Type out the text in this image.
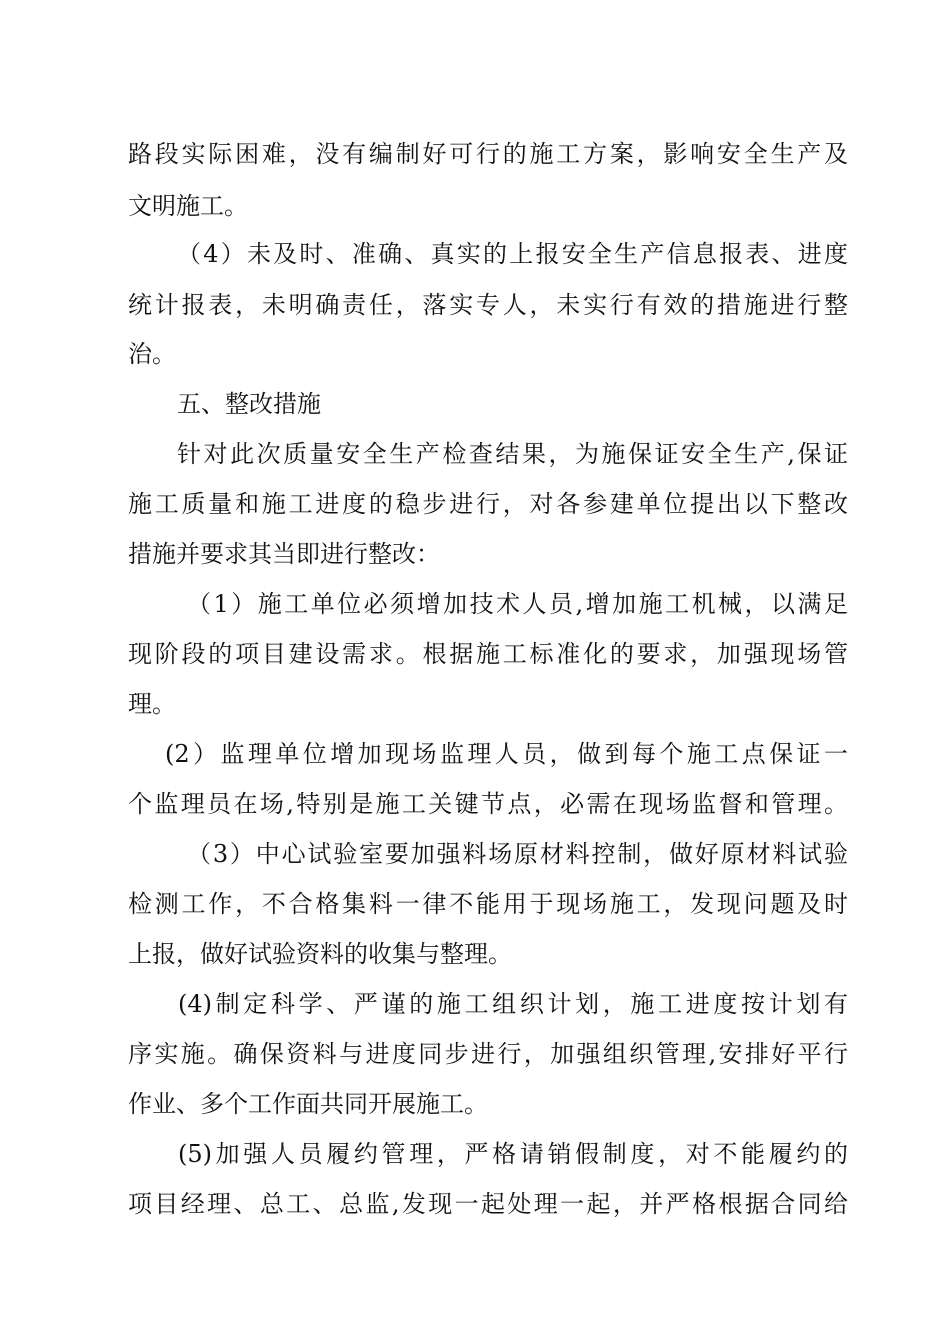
路段实际困难，没有编制好可行的施工方案，影响安全生产及
文明施工。
（4）未及时、准确、真实的上报安全生产信息报表、进度
统计报表，未明确责任，落实专人，未实行有效的措施进行整
治。
五、整改措施
针对此次质量安全生产检查结果，为施保证安全生产,保证
施工质量和施工进度的稳步进行，对各参建单位提出以下整改
措施并要求其当即进行整改：
（1）施工单位必须增加技术人员,增加施工机械，以满足
现阶段的项目建设需求。根据施工标准化的要求，加强现场管
理。
(2）监理单位增加现场监理人员，做到每个施工点保证一
个监理员在场,特别是施工关键节点，必需在现场监督和管理。
（3）中心试验室要加强料场原材料控制，做好原材料试验
检测工作，不合格集料一律不能用于现场施工，发现问题及时
上报，做好试验资料的收集与整理。
(4)制定科学、严谨的施工组织计划，施工进度按计划有
序实施。确保资料与进度同步进行，加强组织管理,安排好平行
作业、多个工作面共同开展施工。
(5)加强人员履约管理，严格请销假制度，对不能履约的
项目经理、总工、总监,发现一起处理一起，并严格根据合同给
